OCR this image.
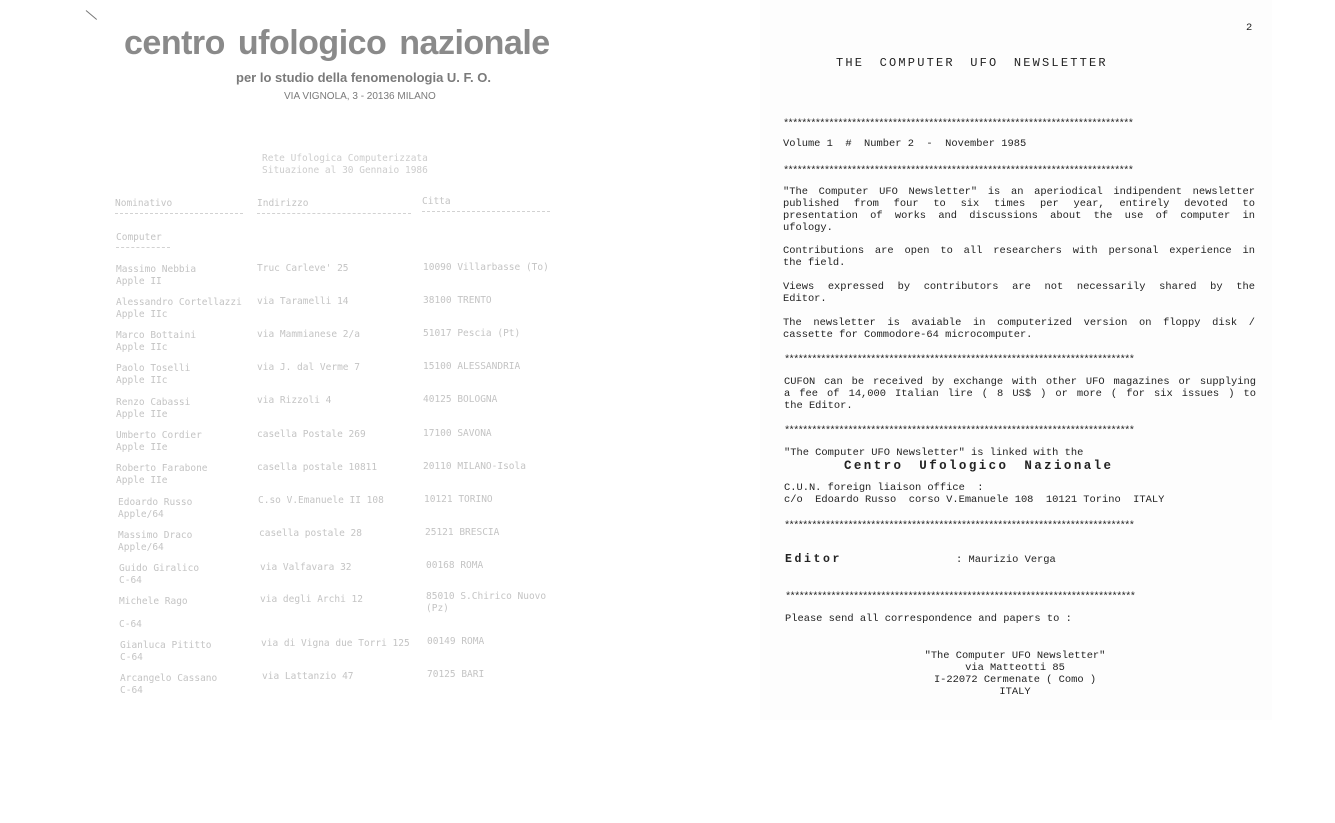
centro ufologico nazionale
per lo studio della fenomenologia U. F. O.
VIA VIGNOLA, 3 - 20136 MILANO
Rete Ufologica Computerizzata
Situazione al 30 Gennaio 1986
Nominativo	Indirizzo	Citta
Computer
Massimo Nebbia
Apple II
Truc Carleve' 25	10090 Villarbasse (To)
Alessandro Cortellazzi
Apple IIc
via Taramelli 14	38100 TRENTO
Marco Bottaini
Apple IIc
via Mammianese 2/a	51017 Pescia (Pt)
Paolo Toselli
Apple IIc
via J. dal Verme 7	15100 ALESSANDRIA
Renzo Cabassi
Apple IIe
via Rizzoli 4	40125 BOLOGNA
Umberto Cordier
Apple IIe
casella Postale 269	17100 SAVONA
Roberto Farabone
Apple IIe
casella postale 10811	20110 MILANO-Isola
Edoardo Russo
Apple/64
C.so V.Emanuele II 108	10121 TORINO
Massimo Draco
Apple/64
casella postale 28	25121 BRESCIA
Guido Giralico
C-64
via Valfavara 32	00168 ROMA
Michele Rago
C-64
via degli Archi 12	85010 S.Chirico Nuovo (Pz)
Gianluca Pititto
C-64
via di Vigna due Torri 125 00149 ROMA
Arcangelo Cassano
C-64
via Lattanzio 47	70125 BARI
2
THE COMPUTER UFO NEWSLETTER
*****************************************************************************
Volume 1  #  Number 2  -  November 1985
*****************************************************************************
"The Computer UFO Newsletter" is an aperiodical indipendent newsletter
published from four to six times per year, entirely devoted to
presentation of works and discussions about the use of computer in
ufology.
Contributions are open to all researchers with personal experience in
the field.
Views expressed by contributors are not necessarily shared by the
Editor.
The newsletter is avaiable in computerized version on floppy disk /
cassette for Commodore-64 microcomputer.
*****************************************************************************
CUFON can be received by exchange with other UFO magazines or supplying
a fee of 14,000 Italian lire ( 8 US$ ) or more ( for six issues ) to
the Editor.
*****************************************************************************
"The Computer UFO Newsletter" is linked with the
Centro Ufologico Nazionale
C.U.N. foreign liaison office  :
c/o  Edoardo Russo  corso V.Emanuele 108  10121 Torino  ITALY
*****************************************************************************
Editor	: Maurizio Verga
*****************************************************************************
Please send all correspondence and papers to :
"The Computer UFO Newsletter"
via Matteotti 85
I-22072 Cermenate ( Como )
ITALY
